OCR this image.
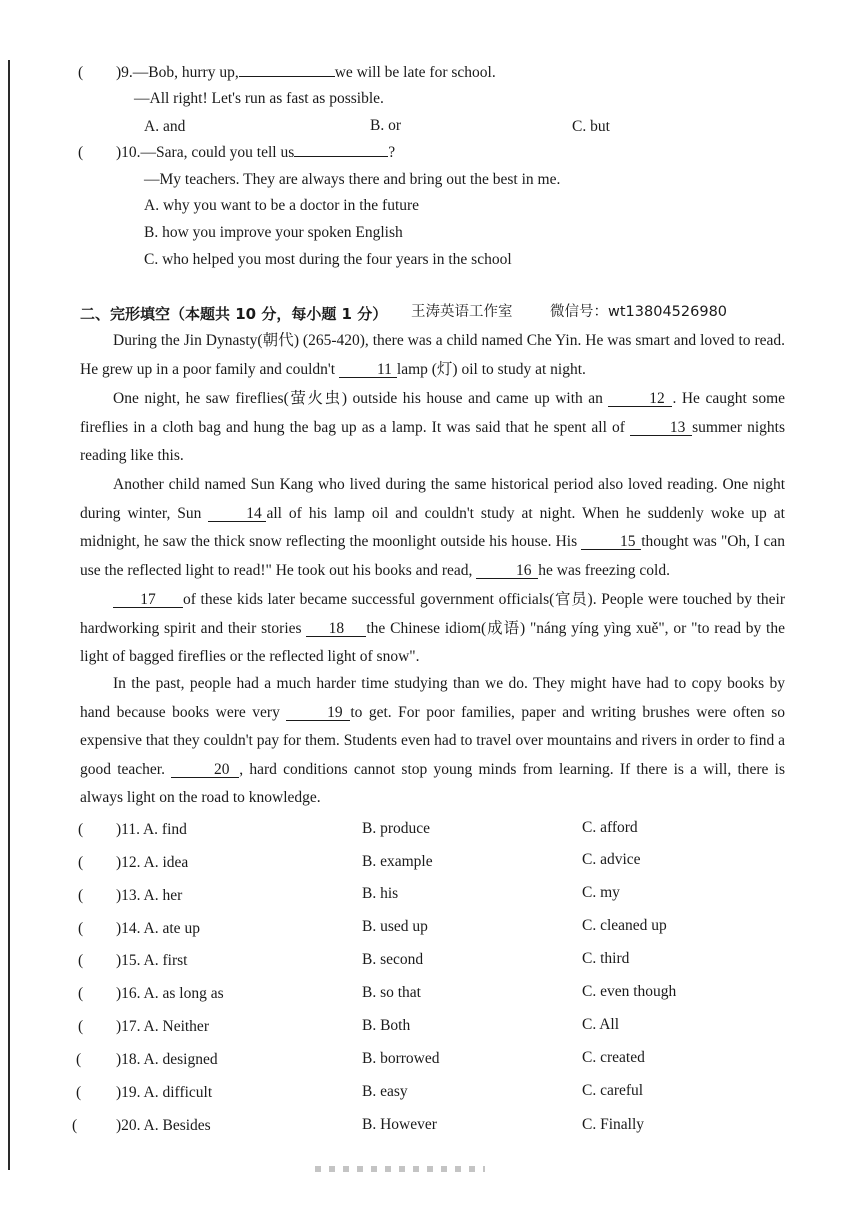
( )9.—Bob, hurry up,	we will be late for school.
—All right! Let's run as fast as possible.
A. and	B. or	C. but
( )10.—Sara, could you tell us	?
—My teachers. They are always there and bring out the best in me.
A. why you want to be a doctor in the future
B. how you improve your spoken English
C. who helped you most during the four years in the school
二、完形填空（本题共 10 分，每小题 1 分） 王涛英语工作室	微信号：wt13804526980
During the Jin Dynasty(朝代) (265-420), there was a child named Che Yin. He was smart and loved to read. He grew up in a poor family and couldn't	11 lamp (灯) oil to study at night.
One night, he saw fireflies(萤火虫) outside his house and came up with an	12 . He caught some fireflies in a cloth bag and hung the bag up as a lamp. It was said that he spent all of	13 summer nights reading like this.
Another child named Sun Kang who lived during the same historical period also loved reading. One night during winter, Sun	14 all of his lamp oil and couldn't study at night. When he suddenly woke up at midnight, he saw the thick snow reflecting the moonlight outside his house. His	15 thought was "Oh, I can use the reflected light to read!" He took out his books and read,	16 he was freezing cold.
17 of these kids later became successful government officials(官员). People were touched by their hardworking spirit and their stories 18 the Chinese idiom(成语) "náng yíng yìng xuě", or "to read by the light of bagged fireflies or the reflected light of snow".
In the past, people had a much harder time studying than we do. They might have had to copy books by hand because books were very	19 to get. For poor families, paper and writing brushes were often so expensive that they couldn't pay for them. Students even had to travel over mountains and rivers in order to find a good teacher.	20 , hard conditions cannot stop young minds from learning. If there is a will, there is always light on the road to knowledge.
( )11. A. find	B. produce	C. afford
( )12. A. idea	B. example	C. advice
( )13. A. her	B. his	C. my
( )14. A. ate up	B. used up	C. cleaned up
( )15. A. first	B. second	C. third
( )16. A. as long as	B. so that	C. even though
( )17. A. Neither	B. Both	C. All
( )18. A. designed	B. borrowed	C. created
( )19. A. difficult	B. easy	C. careful
(	)20. A. Besides	B. However	C. Finally
